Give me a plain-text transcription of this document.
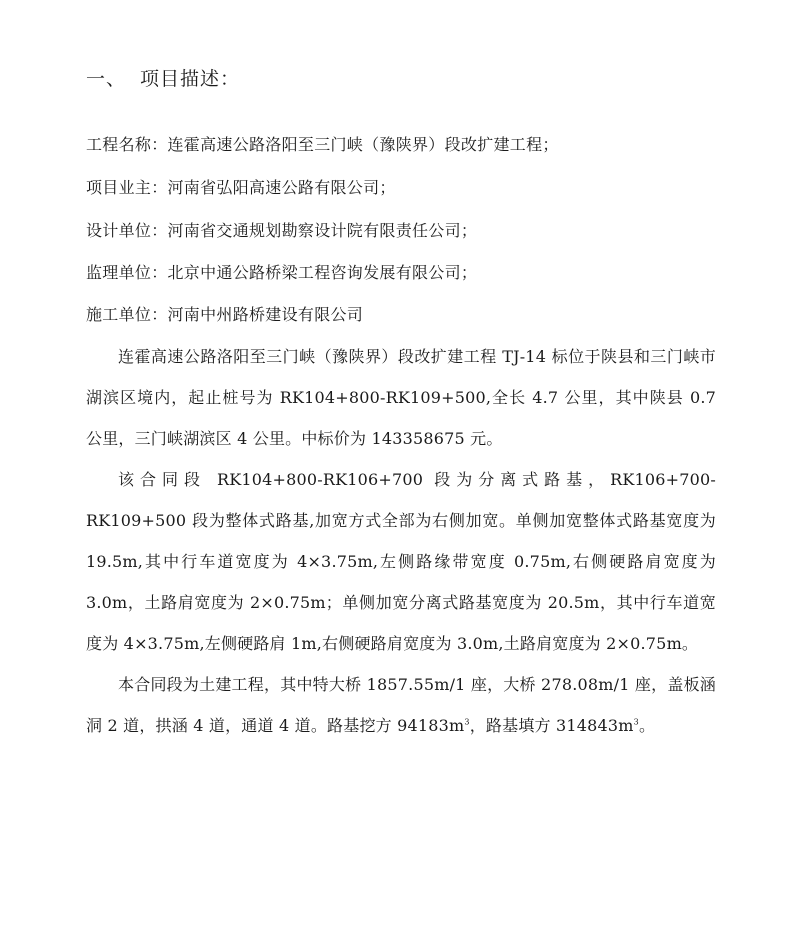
一、 项目描述：
工程名称：连霍高速公路洛阳至三门峡（豫陕界）段改扩建工程；
项目业主：河南省弘阳高速公路有限公司；
设计单位：河南省交通规划勘察设计院有限责任公司；
监理单位：北京中通公路桥梁工程咨询发展有限公司；
施工单位：河南中州路桥建设有限公司
连霍高速公路洛阳至三门峡（豫陕界）段改扩建工程 TJ-14 标位于陕县和三门峡市湖滨区境内，起止桩号为 RK104+800-RK109+500,全长 4.7 公里，其中陕县 0.7 公里，三门峡湖滨区 4 公里。中标价为 143358675 元。
该合同段 RK104+800-RK106+700 段为分离式路基，RK106+700-RK109+500 段为整体式路基,加宽方式全部为右侧加宽。单侧加宽整体式路基宽度为 19.5m,其中行车道宽度为 4×3.75m,左侧路缘带宽度 0.75m,右侧硬路肩宽度为 3.0m，土路肩宽度为 2×0.75m；单侧加宽分离式路基宽度为 20.5m，其中行车道宽度为 4×3.75m,左侧硬路肩 1m,右侧硬路肩宽度为 3.0m,土路肩宽度为 2×0.75m。
本合同段为土建工程，其中特大桥 1857.55m/1 座，大桥 278.08m/1 座，盖板涵洞 2 道，拱涵 4 道，通道 4 道。路基挖方 $94183m^3$，路基填方 $314843m^3$。
